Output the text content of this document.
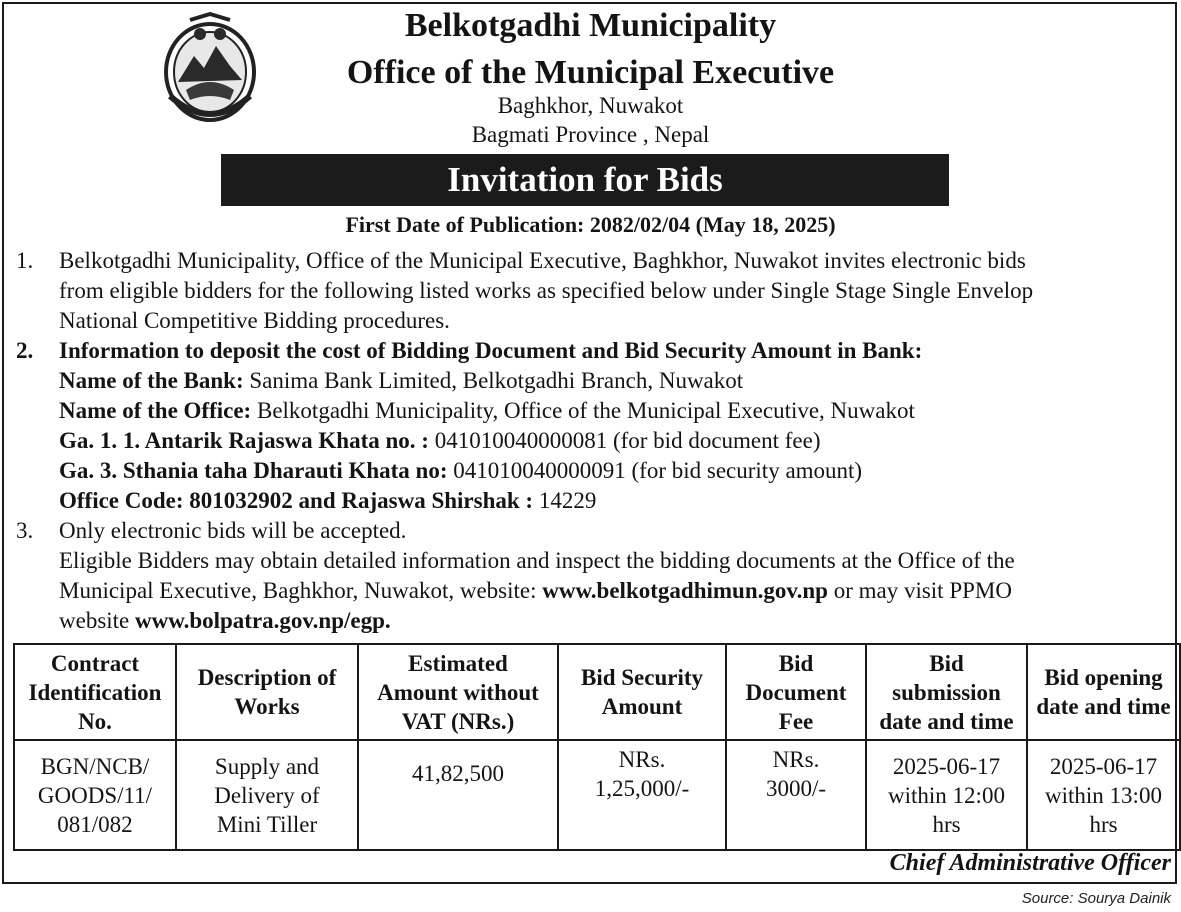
Belkotgadhi Municipality
Office of the Municipal Executive
Baghkhor, Nuwakot
Bagmati Province , Nepal
Invitation for Bids
First Date of Publication: 2082/02/04 (May 18, 2025)
1. Belkotgadhi Municipality, Office of the Municipal Executive, Baghkhor, Nuwakot invites electronic bids
from eligible bidders for the following listed works as specified below under Single Stage Single Envelop
National Competitive Bidding procedures.
2. Information to deposit the cost of Bidding Document and Bid Security Amount in Bank:
Name of the Bank: Sanima Bank Limited, Belkotgadhi Branch, Nuwakot
Name of the Office: Belkotgadhi Municipality, Office of the Municipal Executive, Nuwakot
Ga. 1. 1. Antarik Rajaswa Khata no. : 041010040000081 (for bid document fee)
Ga. 3. Sthania taha Dharauti Khata no: 041010040000091 (for bid security amount)
Office Code: 801032902 and Rajaswa Shirshak : 14229
3. Only electronic bids will be accepted.
Eligible Bidders may obtain detailed information and inspect the bidding documents at the Office of the
Municipal Executive, Baghkhor, Nuwakot, website: www.belkotgadhimun.gov.np or may visit PPMO
website www.bolpatra.gov.np/egp.
Contract
Identification
No.	Description of
Works	Estimated
Amount without
VAT (NRs.)	Bid Security
Amount	Bid
Document
Fee	Bid
submission
date and time	Bid opening
date and time

BGN/NCB/
GOODS/11/
081/082	Supply and
Delivery of
Mini Tiller	41,82,500	NRs.
1,25,000/-	NRs.
3000/-	2025-06-17
within 12:00
hrs	2025-06-17
within 13:00
hrs
Chief Administrative Officer
Source: Sourya Dainik
